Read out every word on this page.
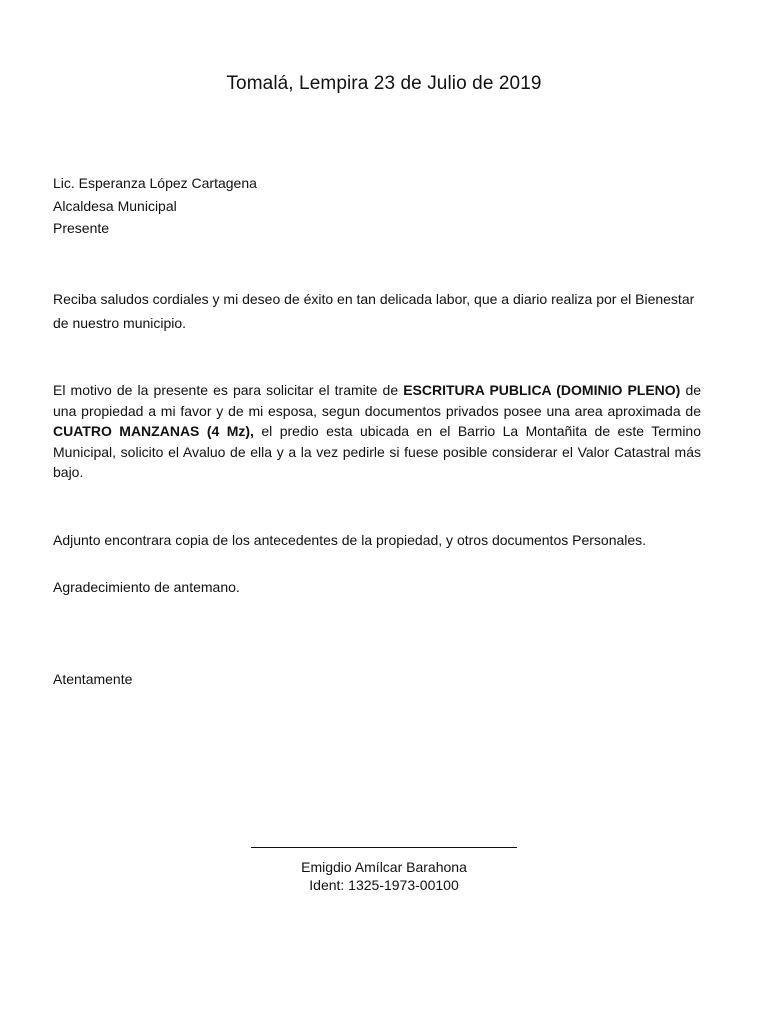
Tomalá, Lempira 23 de Julio de 2019
Lic. Esperanza López Cartagena
Alcaldesa Municipal
Presente
Reciba saludos cordiales y mi deseo de éxito en tan delicada labor, que a diario realiza por el Bienestar de nuestro municipio.
El motivo de la presente es para solicitar el tramite de ESCRITURA PUBLICA (DOMINIO PLENO) de una propiedad a mi favor y de mi esposa, segun documentos privados posee una area aproximada de CUATRO MANZANAS (4 Mz), el predio esta ubicada en el Barrio La Montañita de este Termino Municipal, solicito el Avaluo de ella y a la vez pedirle si fuese posible considerar el Valor Catastral más bajo.
Adjunto encontrara copia de los antecedentes de la propiedad, y otros documentos Personales.
Agradecimiento de antemano.
Atentamente
Emigdio Amílcar Barahona
Ident: 1325-1973-00100
